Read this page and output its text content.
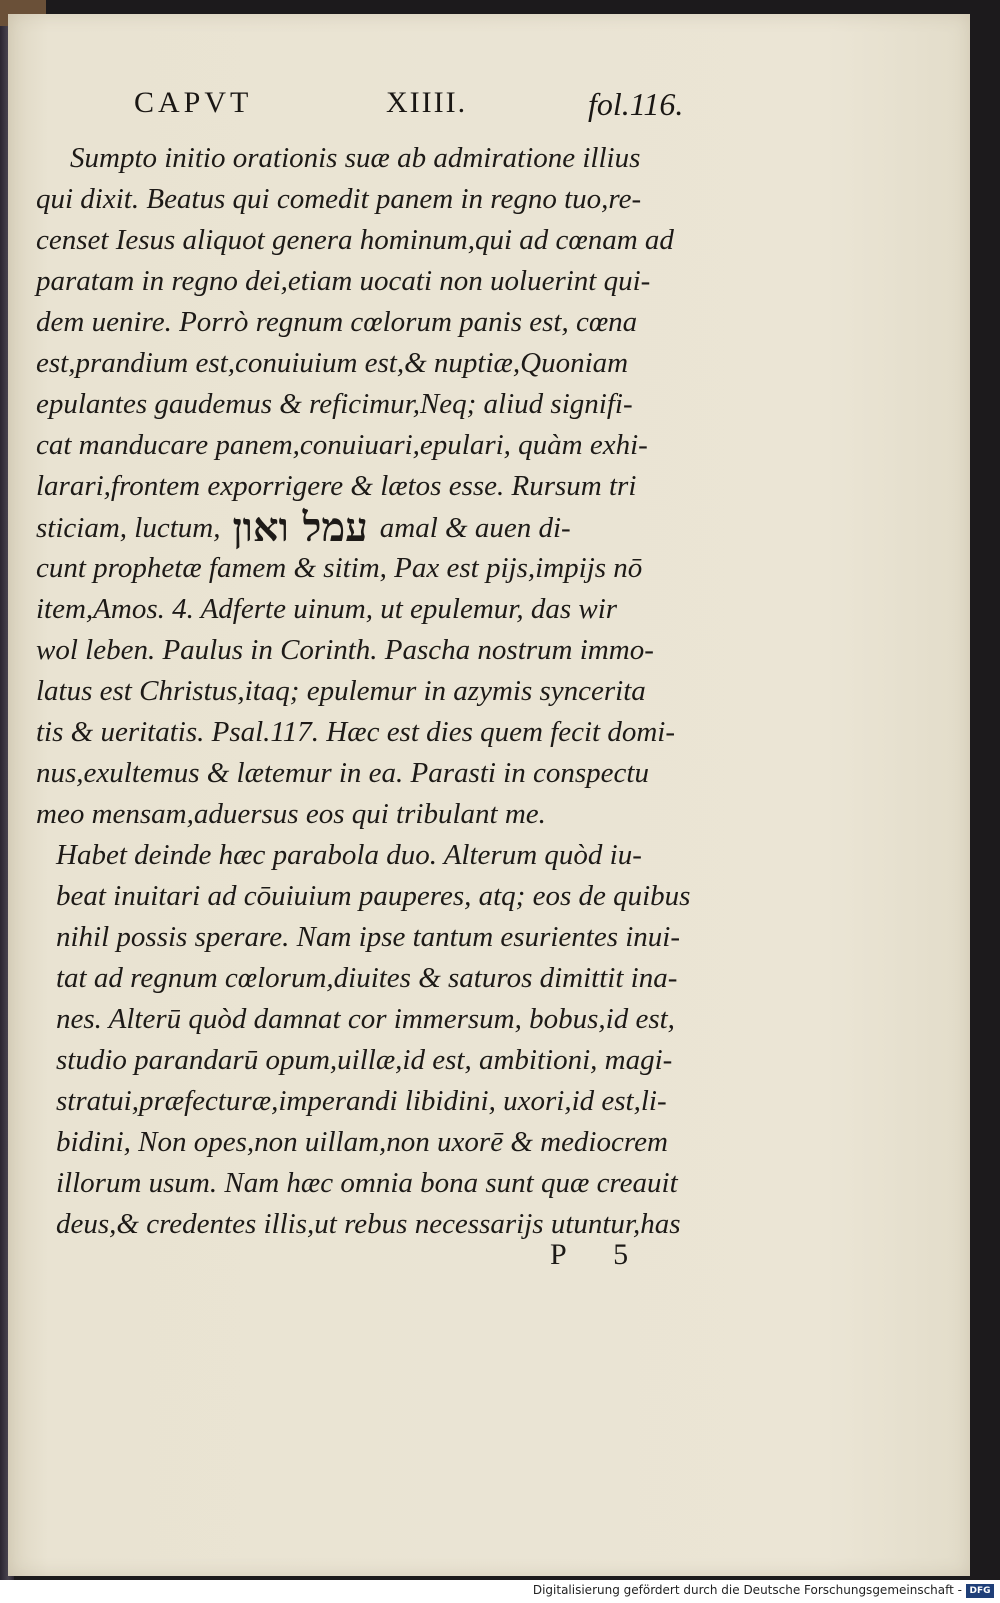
CAPVT	XIIII.	fol.116.
Sumpto initio orationis suæ ab admiratione illius
qui dixit. Beatus qui comedit panem in regno tuo,re-
censet Iesus aliquot genera hominum,qui ad cœnam ad
paratam in regno dei,etiam uocati non uoluerint qui-
dem uenire. Porrò regnum cœlorum panis est, cœna
est,prandium est,conuiuium est,& nuptiæ,Quoniam
epulantes gaudemus & reficimur,Neq; aliud signifi-
cat manducare panem,conuiuari,epulari, quàm exhi-
larari,frontem exporrigere & lætos esse. Rursum tri
sticiam, luctum, עמל ואון amal & auen di-
cunt prophetæ famem & sitim, Pax est pijs,impijs nō
item,Amos. 4. Adferte uinum, ut epulemur, das wir
wol leben. Paulus in Corinth. Pascha nostrum immo-
latus est Christus,itaq; epulemur in azymis syncerita
tis & ueritatis. Psal.117. Hæc est dies quem fecit domi-
nus,exultemus & lætemur in ea. Parasti in conspectu
meo mensam,aduersus eos qui tribulant me.
Habet deinde hæc parabola duo. Alterum quòd iu-
beat inuitari ad cōuiuium pauperes, atq; eos de quibus
nihil possis sperare. Nam ipse tantum esurientes inui-
tat ad regnum cœlorum,diuites & saturos dimittit ina-
nes. Alterū quòd damnat cor immersum, bobus,id est,
studio parandarū opum,uillæ,id est, ambitioni, magi-
stratui,præfecturæ,imperandi libidini, uxori,id est,li-
bidini, Non opes,non uillam,non uxorē & mediocrem
illorum usum. Nam hæc omnia bona sunt quæ creauit
deus,& credentes illis,ut rebus necessarijs utuntur,has
P 5
Digitalisierung gefördert durch die Deutsche Forschungsgemeinschaft - DFG
